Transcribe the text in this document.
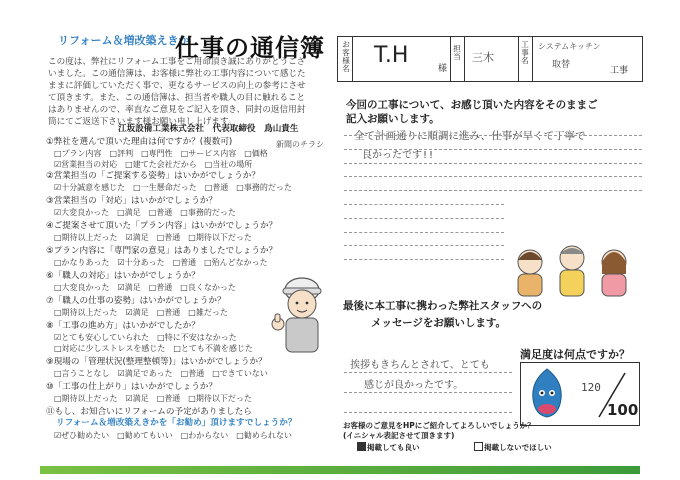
リフォーム＆増改築えきか
仕事の通信簿

この度は、弊社にリフォーム工事をご用命頂き誠にありがとうござ

いました。この通信簿は、お客様に弊社の工事内容について感じた

ままに評価していただく事で、更なるサービスの向上の参考にさせ

て頂きます。また、この通信簿は、担当者や職人の目に触れること

はありませんので、率直なご意見をご記入を頂き、同封の返信用封

筒にてご返送下さいます様お願い申し上げます。

江坂設備工業株式会社　代表取締役　鳥山貴生
①弊社を選んで頂いた理由は何ですか？(複数可)
□プラン内容　□評判　□専門性　□サービス内容　□価格
☑営業担当の対応　□建てた会社だから　□当社の場所
新聞のチラシ
②営業担当の「ご提案する姿勢」はいかがでしょうか？
☑十分誠意を感じた　□一生懸命だった　□普通　□事務的だった
③営業担当の「対応」はいかがでしょうか？
☑大変良かった　□満足　□普通　□事務的だった
④ご提案させて頂いた「プラン内容」はいかがでしょうか？
□期待以上だった　☑満足　□普通　□期待以下だった
⑤プラン内容に「専門家の意見」はありましたでしょうか？
□かなりあった　☑十分あった　□普通　□殆んどなかった
⑥「職人の対応」はいかがでしょうか？
□大変良かった　☑満足　□普通　□良くなかった
⑦「職人の仕事の姿勢」はいかがでしょうか？
□期待以上だった　☑満足　□普通　□雑だった
⑧「工事の進め方」はいかがでしたか？
☑とても安心していられた　□特に不安はなかった
□対応に少しストレスを感じた　□とても不満を感じた
⑨現場の「管理状況(整理整頓等)」はいかがでしょうか？
□言うことなし　☑満足であった　□普通　□できていない
⑩「工事の仕上がり」はいかがでしょうか？
□期待以上だった　☑満足　□普通　□期待以下だった
⑪もし、お知合いにリフォームの予定がありましたら
リフォーム＆増改築えきかを「お勧め」頂けますでしょうか？
☑ぜひ勧めたい　□勧めてもいい　□わからない　□勧められない
お客様名
T.H
様
担当 三木
工事名
システムキッチン
取替
工事
今回の工事について、お感じ頂いた内容をそのままご
記入お願いします。
全て計画通りに順調に進み、仕事が早くて丁寧で
良かったです!!
最後に本工事に携わった弊社スタッフへの
メッセージをお願いします。
挨拶もきちんとされて、とても
感じが良かったです。
満足度は何点ですか？
120
100
お客様のご意見をHPにご紹介してよろしいでしょうか？
(イニシャル表記させて頂きます)
掲載しても良い	掲載しないでほしい
